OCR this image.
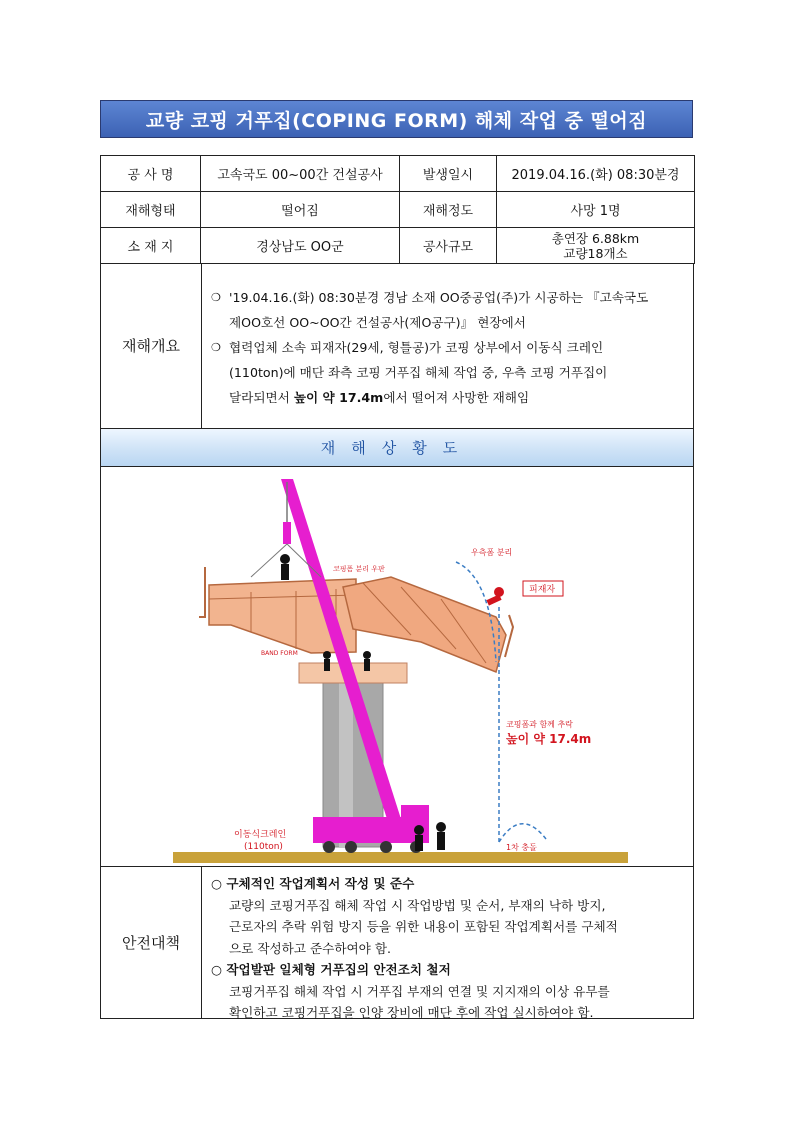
교량 코핑 거푸집(COPING FORM) 해체 작업 중 떨어짐
공 사 명	고속국도 00~00간 건설공사	발생일시	2019.04.16.(화) 08:30분경
재해형태	떨어짐	재해정도	사망 1명
소 재 지	경상남도 OO군	공사규모	총연장 6.88km
교량18개소
재해개요
❍ '19.04.16.(화) 08:30분경 경남 소재 OO중공업(주)가 시공하는 『고속국도
제OO호선 OO~OO간 건설공사(제O공구)』 현장에서
❍ 협력업체 소속 피재자(29세, 형틀공)가 코핑 상부에서 이동식 크레인
(110ton)에 매단 좌측 코핑 거푸집 해체 작업 중, 우측 코핑 거푸집이
달라되면서 높이 약 17.4m에서 떨어져 사망한 재해임
재해상황도
코핑폼 분리 우판
우측폼 분리
피재자
BAND FORM
코핑폼과 함께 추락
높이 약 17.4m
이동식크레인
(110ton)	1차 충돌
안전대책
○ 구체적인 작업계획서 작성 및 준수
교량의 코핑거푸집 해체 작업 시 작업방법 및 순서, 부재의 낙하 방지,
근로자의 추락 위험 방지 등을 위한 내용이 포함된 작업계획서를 구체적
으로 작성하고 준수하여야 함.
○ 작업발판 일체형 거푸집의 안전조치 철저
코핑거푸집 해체 작업 시 거푸집 부재의 연결 및 지지재의 이상 유무를
확인하고 코핑거푸집을 인양 장비에 매단 후에 작업 실시하여야 함.
